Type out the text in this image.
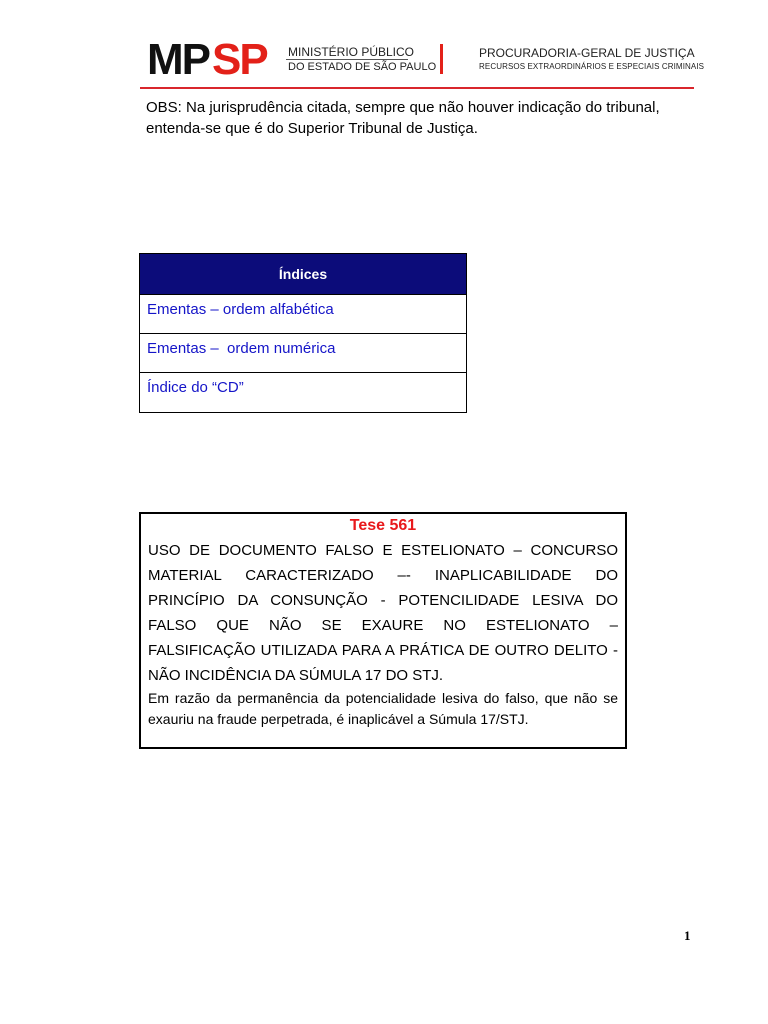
MP SP MINISTÉRIO PÚBLICO
DO ESTADO DE SÃO PAULO
PROCURADORIA-GERAL DE JUSTIÇA
RECURSOS EXTRAORDINÁRIOS E ESPECIAIS CRIMINAIS

OBS: Na jurisprudência citada, sempre que não houver indicação do tribunal, entenda-se que é do Superior Tribunal de Justiça.

Índices
Ementas – ordem alfabética
Ementas –  ordem numérica
Índice do “CD”

Tese 561

USO DE DOCUMENTO FALSO E ESTELIONATO – CONCURSO MATERIAL CARACTERIZADO –- INAPLICABILIDADE DO PRINCÍPIO DA CONSUNÇÃO - POTENCILIDADE LESIVA DO FALSO QUE NÃO SE EXAURE NO ESTELIONATO – FALSIFICAÇÃO UTILIZADA PARA A PRÁTICA DE OUTRO DELITO - NÃO INCIDÊNCIA DA SÚMULA 17 DO STJ.

Em razão da permanência da potencialidade lesiva do falso, que não se exauriu na fraude perpetrada, é inaplicável a Súmula 17/STJ.

1
